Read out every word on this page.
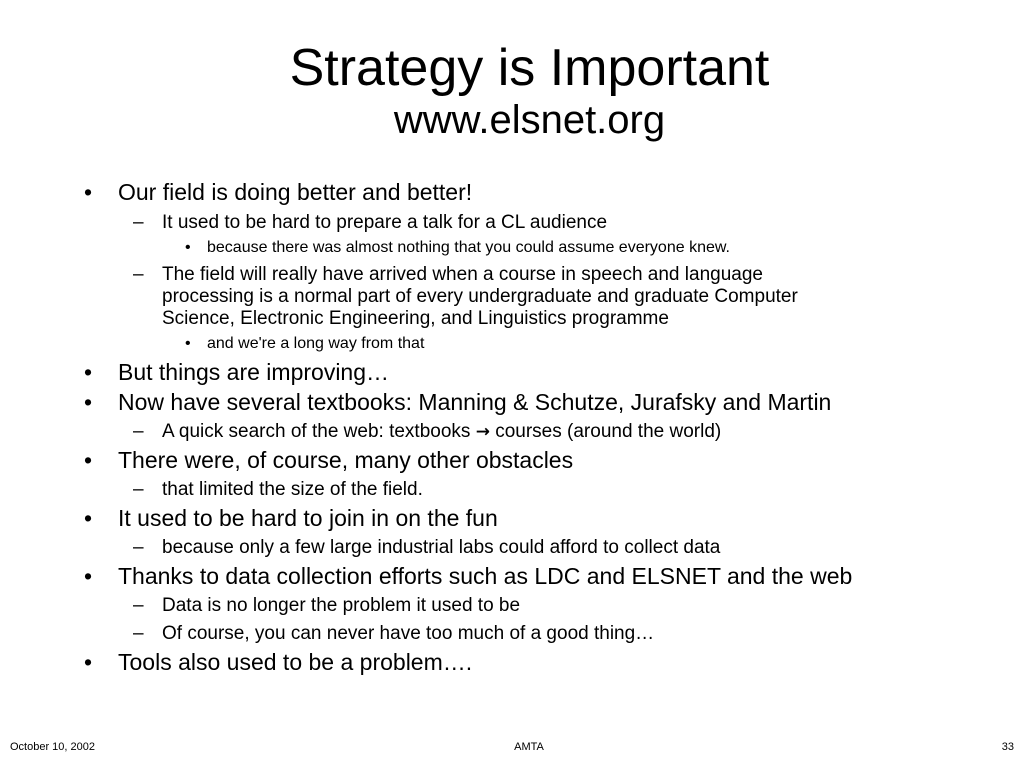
Strategy is Important
www.elsnet.org
• Our field is doing better and better!
– It used to be hard to prepare a talk for a CL audience
• because there was almost nothing that you could assume everyone knew.
– The field will really have arrived when a course in speech and language
processing is a normal part of every undergraduate and graduate Computer
Science, Electronic Engineering, and Linguistics programme
• and we're a long way from that
• But things are improving…
• Now have several textbooks: Manning & Schutze, Jurafsky and Martin
– A quick search of the web: textbooks → courses (around the world)
• There were, of course, many other obstacles
– that limited the size of the field.
• It used to be hard to join in on the fun
– because only a few large industrial labs could afford to collect data
• Thanks to data collection efforts such as LDC and ELSNET and the web
– Data is no longer the problem it used to be
– Of course, you can never have too much of a good thing…
• Tools also used to be a problem….
October 10, 2002	AMTA	33
